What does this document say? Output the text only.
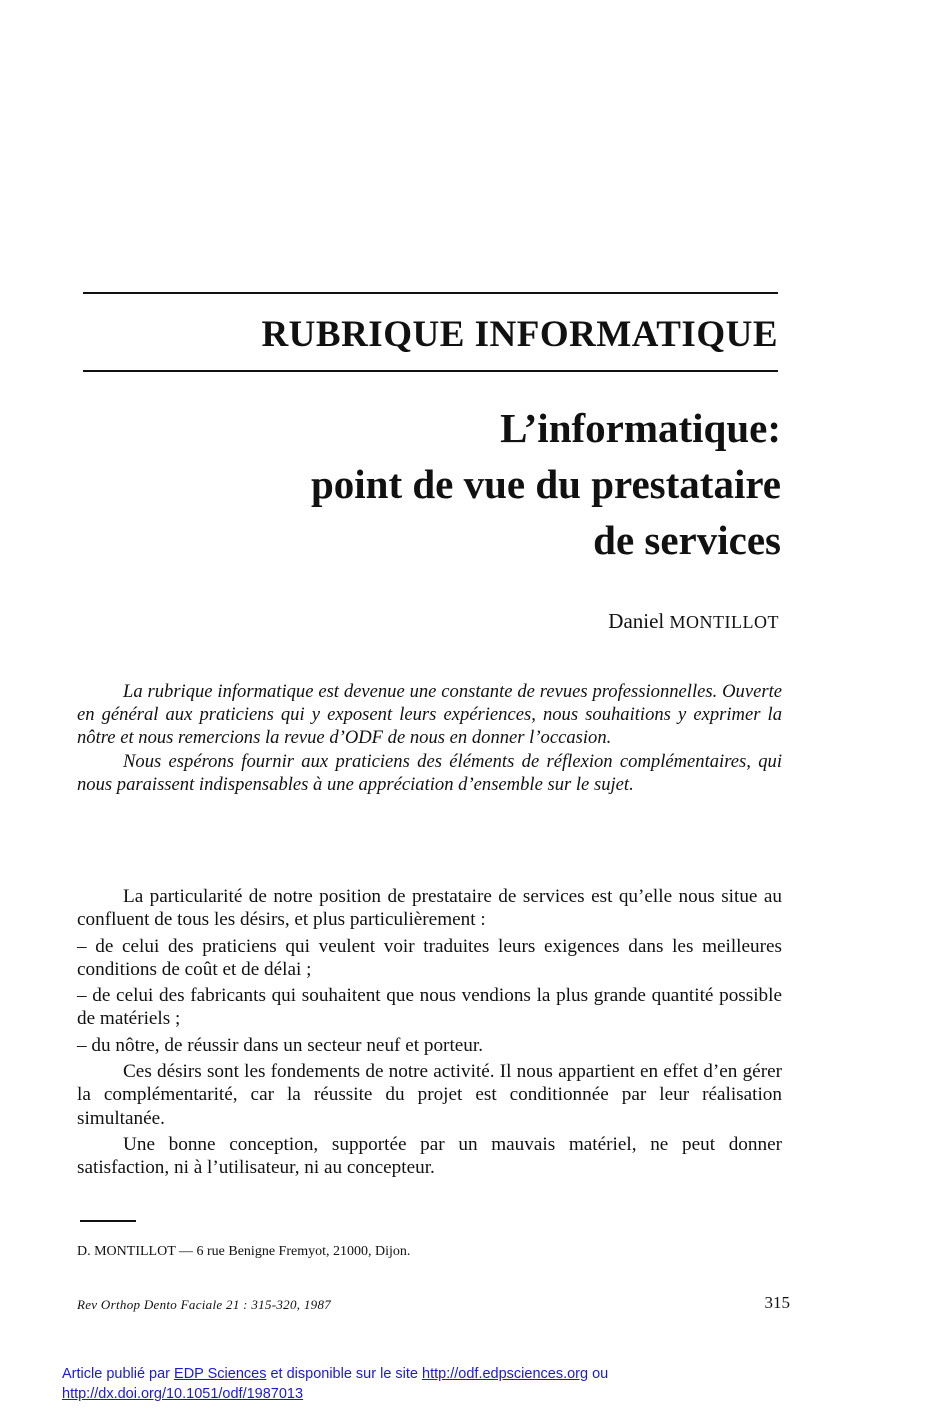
RUBRIQUE INFORMATIQUE
L’informatique:
point de vue du prestataire
de services
Daniel MONTILLOT

La rubrique informatique est devenue une constante de revues professionnelles. Ouverte en général aux praticiens qui y exposent leurs expériences, nous souhaitions y exprimer la nôtre et nous remercions la revue d’ODF de nous en donner l’occasion.

Nous espérons fournir aux praticiens des éléments de réflexion complémentaires, qui nous paraissent indispensables à une appréciation d’ensemble sur le sujet.

La particularité de notre position de prestataire de services est qu’elle nous situe au confluent de tous les désirs, et plus particulièrement :

– de celui des praticiens qui veulent voir traduites leurs exigences dans les meilleures conditions de coût et de délai ;

– de celui des fabricants qui souhaitent que nous vendions la plus grande quantité possible de matériels ;

– du nôtre, de réussir dans un secteur neuf et porteur.

Ces désirs sont les fondements de notre activité. Il nous appartient en effet d’en gérer la complémentarité, car la réussite du projet est conditionnée par leur réalisation simultanée.

Une bonne conception, supportée par un mauvais matériel, ne peut donner satisfaction, ni à l’utilisateur, ni au concepteur.

D. MONTILLOT — 6 rue Benigne Fremyot, 21000, Dijon.
Rev Orthop Dento Faciale 21 : 315-320, 1987	315
Article publié par EDP Sciences et disponible sur le site http://odf.edpsciences.org ou
http://dx.doi.org/10.1051/odf/1987013
